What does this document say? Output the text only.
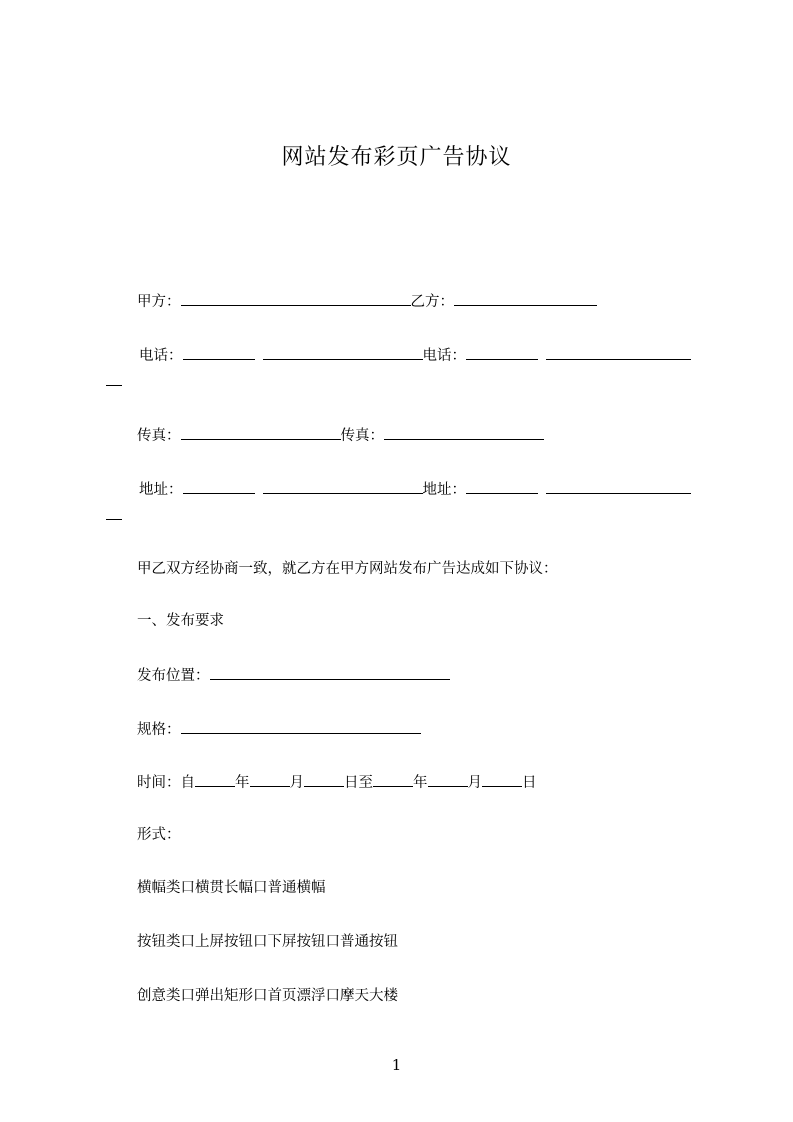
网站发布彩页广告协议
甲方：	乙方：
电话：	电话：
传真：	传真：
地址：	地址：
甲乙双方经协商一致，就乙方在甲方网站发布广告达成如下协议：
一、发布要求
发布位置：
规格：
时间：自	年	月	日至	年	月	日
形式：
横幅类口横贯长幅口普通横幅
按钮类口上屏按钮口下屏按钮口普通按钮
创意类口弹出矩形口首页漂浮口摩天大楼
1
